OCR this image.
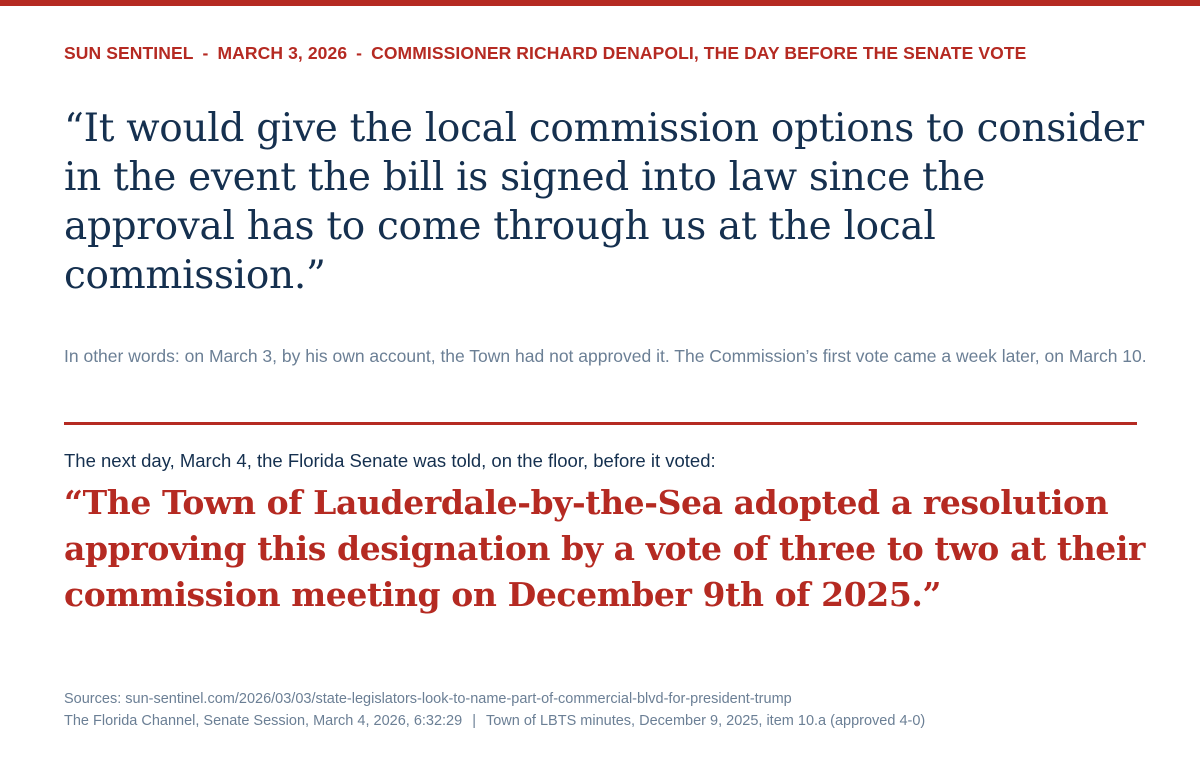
SUN SENTINEL - MARCH 3, 2026 - COMMISSIONER RICHARD DENAPOLI, THE DAY BEFORE THE SENATE VOTE
“It would give the local commission options to consider in the event the bill is signed into law since the approval has to come through us at the local commission.”
In other words: on March 3, by his own account, the Town had not approved it. The Commission’s first vote came a week later, on March 10.
The next day, March 4, the Florida Senate was told, on the floor, before it voted:
“The Town of Lauderdale-by-the-Sea adopted a resolution approving this designation by a vote of three to two at their commission meeting on December 9th of 2025.”
Sources: sun-sentinel.com/2026/03/03/state-legislators-look-to-name-part-of-commercial-blvd-for-president-trump
The Florida Channel, Senate Session, March 4, 2026, 6:32:29 | Town of LBTS minutes, December 9, 2025, item 10.a (approved 4-0)
